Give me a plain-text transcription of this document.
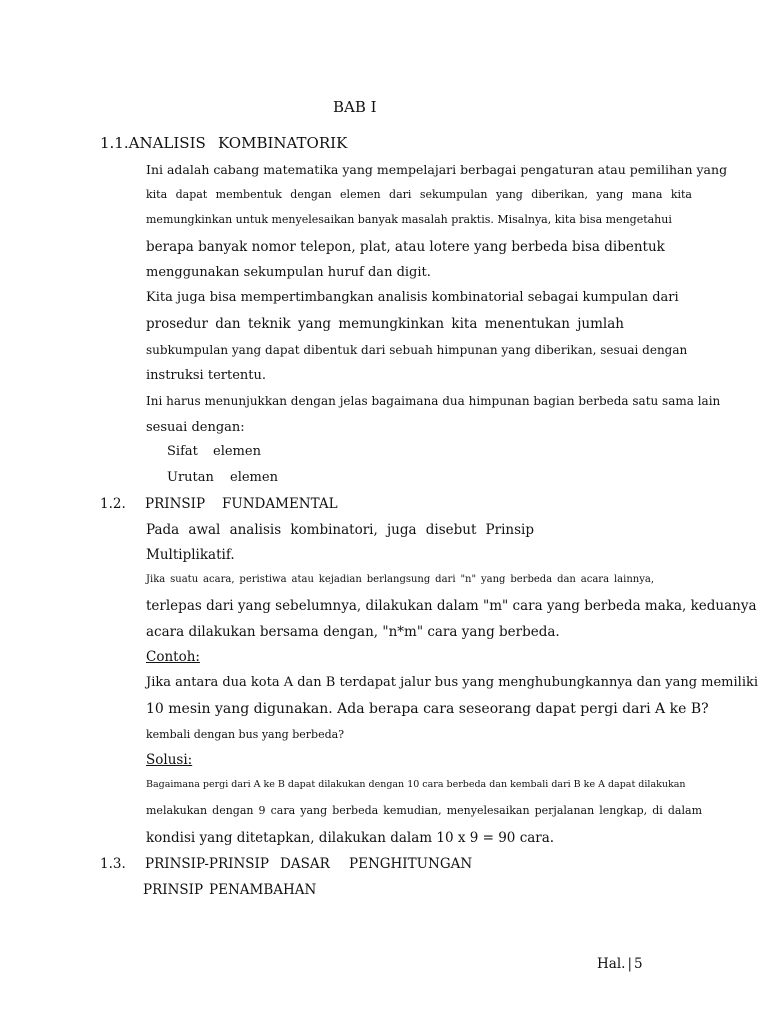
BAB I
1.1.ANALISIS KOMBINATORIK
Ini adalah cabang matematika yang mempelajari berbagai pengaturan atau pemilihan yang
kita dapat membentuk dengan elemen dari sekumpulan yang diberikan, yang mana kita
memungkinkan untuk menyelesaikan banyak masalah praktis. Misalnya, kita bisa mengetahui
berapa banyak nomor telepon, plat, atau lotere yang berbeda bisa dibentuk
menggunakan sekumpulan huruf dan digit.
Kita juga bisa mempertimbangkan analisis kombinatorial sebagai kumpulan dari
prosedur dan teknik yang memungkinkan kita menentukan jumlah
subkumpulan yang dapat dibentuk dari sebuah himpunan yang diberikan, sesuai dengan
instruksi tertentu.
Ini harus menunjukkan dengan jelas bagaimana dua himpunan bagian berbeda satu sama lain
sesuai dengan:
Sifat elemen
Urutan elemen
1.2. PRINSIP FUNDAMENTAL
Pada awal analisis kombinatori, juga disebut Prinsip
Multiplikatif.
Jika suatu acara, peristiwa atau kejadian berlangsung dari "n" yang berbeda dan acara lainnya,
terlepas dari yang sebelumnya, dilakukan dalam "m" cara yang berbeda maka, keduanya
acara dilakukan bersama dengan, "n*m" cara yang berbeda.
Contoh:
Jika antara dua kota A dan B terdapat jalur bus yang menghubungkannya dan yang memiliki
10 mesin yang digunakan. Ada berapa cara seseorang dapat pergi dari A ke B?
kembali dengan bus yang berbeda?
Solusi:
Bagaimana pergi dari A ke B dapat dilakukan dengan 10 cara berbeda dan kembali dari B ke A dapat dilakukan
melakukan dengan 9 cara yang berbeda kemudian, menyelesaikan perjalanan lengkap, di dalam
kondisi yang ditetapkan, dilakukan dalam 10 x 9 = 90 cara.
1.3. PRINSIP-PRINSIP DASAR PENGHITUNGAN
PRINSIP PENAMBAHAN
Hal. | 5
